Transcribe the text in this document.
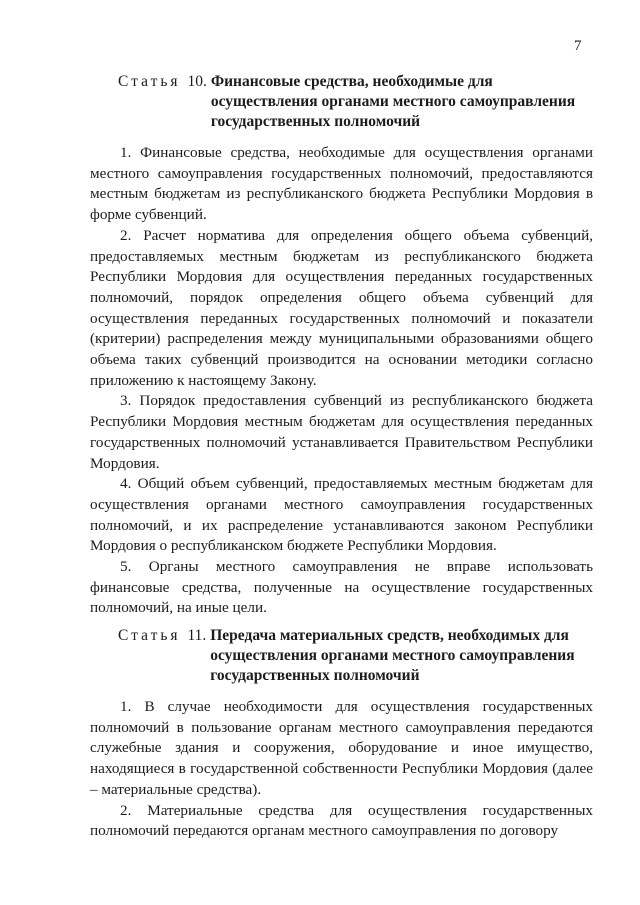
7
Статья 10. Финансовые средства, необходимые для осуществления органами местного самоуправления государственных полномочий

1. Финансовые средства, необходимые для осуществления органами местного самоуправления государственных полномочий, предоставляются местным бюджетам из республиканского бюджета Республики Мордовия в форме субвенций.

2. Расчет норматива для определения общего объема субвенций, предоставляемых местным бюджетам из республиканского бюджета Республики Мордовия для осуществления переданных государственных полномочий, порядок определения общего объема субвенций для осуществления переданных государственных полномочий и показатели (критерии) распределения между муниципальными образованиями общего объема таких субвенций производится на основании методики согласно приложению к настоящему Закону.

3. Порядок предоставления субвенций из республиканского бюджета Республики Мордовия местным бюджетам для осуществления переданных государственных полномочий устанавливается Правительством Республики Мордовия.

4. Общий объем субвенций, предоставляемых местным бюджетам для осуществления органами местного самоуправления государственных полномочий, и их распределение устанавливаются законом Республики Мордовия о республиканском бюджете Республики Мордовия.

5. Органы местного самоуправления не вправе использовать финансовые средства, полученные на осуществление государственных полномочий, на иные цели.

Статья 11. Передача материальных средств, необходимых для осуществления органами местного самоуправления государственных полномочий

1. В случае необходимости для осуществления государственных полномочий в пользование органам местного самоуправления передаются служебные здания и сооружения, оборудование и иное имущество, находящиеся в государственной собственности Республики Мордовия (далее – материальные средства).

2. Материальные средства для осуществления государственных полномочий передаются органам местного самоуправления по договору
